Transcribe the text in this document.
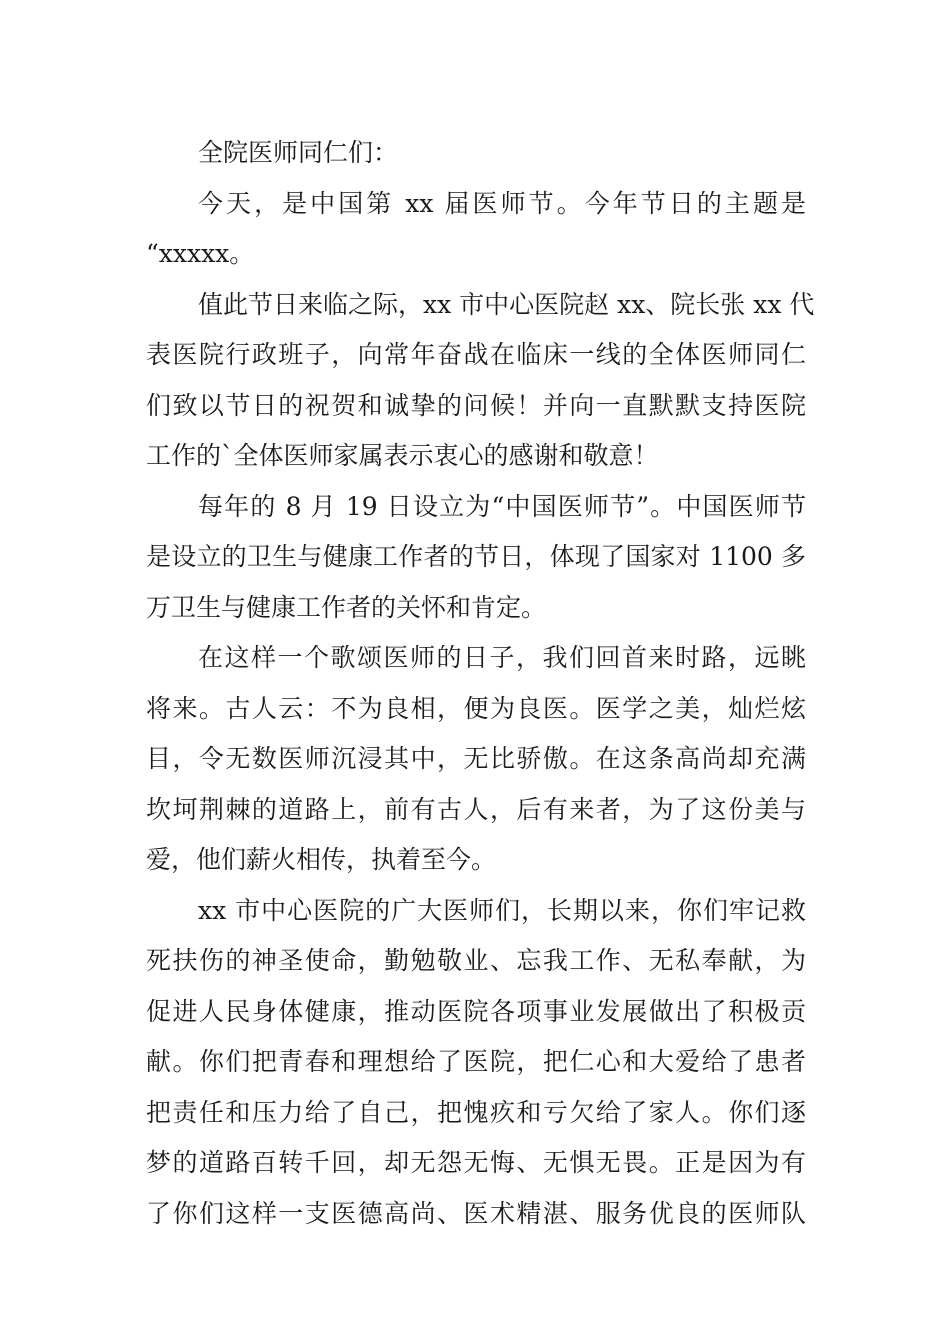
全院医师同仁们：
今天，是中国第 xx 届医师节。今年节日的主题是
“xxxxx。
值此节日来临之际，xx 市中心医院赵 xx、院长张 xx 代
表医院行政班子，向常年奋战在临床一线的全体医师同仁
们致以节日的祝贺和诚挚的问候！并向一直默默支持医院
工作的`全体医师家属表示衷心的感谢和敬意！
每年的 8 月 19 日设立为“中国医师节”。中国医师节
是设立的卫生与健康工作者的节日，体现了国家对 1100 多
万卫生与健康工作者的关怀和肯定。
在这样一个歌颂医师的日子，我们回首来时路，远眺
将来。古人云：不为良相，便为良医。医学之美，灿烂炫
目，令无数医师沉浸其中，无比骄傲。在这条高尚却充满
坎坷荆棘的道路上，前有古人，后有来者，为了这份美与
爱，他们薪火相传，执着至今。
xx 市中心医院的广大医师们，长期以来，你们牢记救
死扶伤的神圣使命，勤勉敬业、忘我工作、无私奉献，为
促进人民身体健康，推动医院各项事业发展做出了积极贡
献。你们把青春和理想给了医院，把仁心和大爱给了患者
把责任和压力给了自己，把愧疚和亏欠给了家人。你们逐
梦的道路百转千回，却无怨无悔、无惧无畏。正是因为有
了你们这样一支医德高尚、医术精湛、服务优良的医师队
